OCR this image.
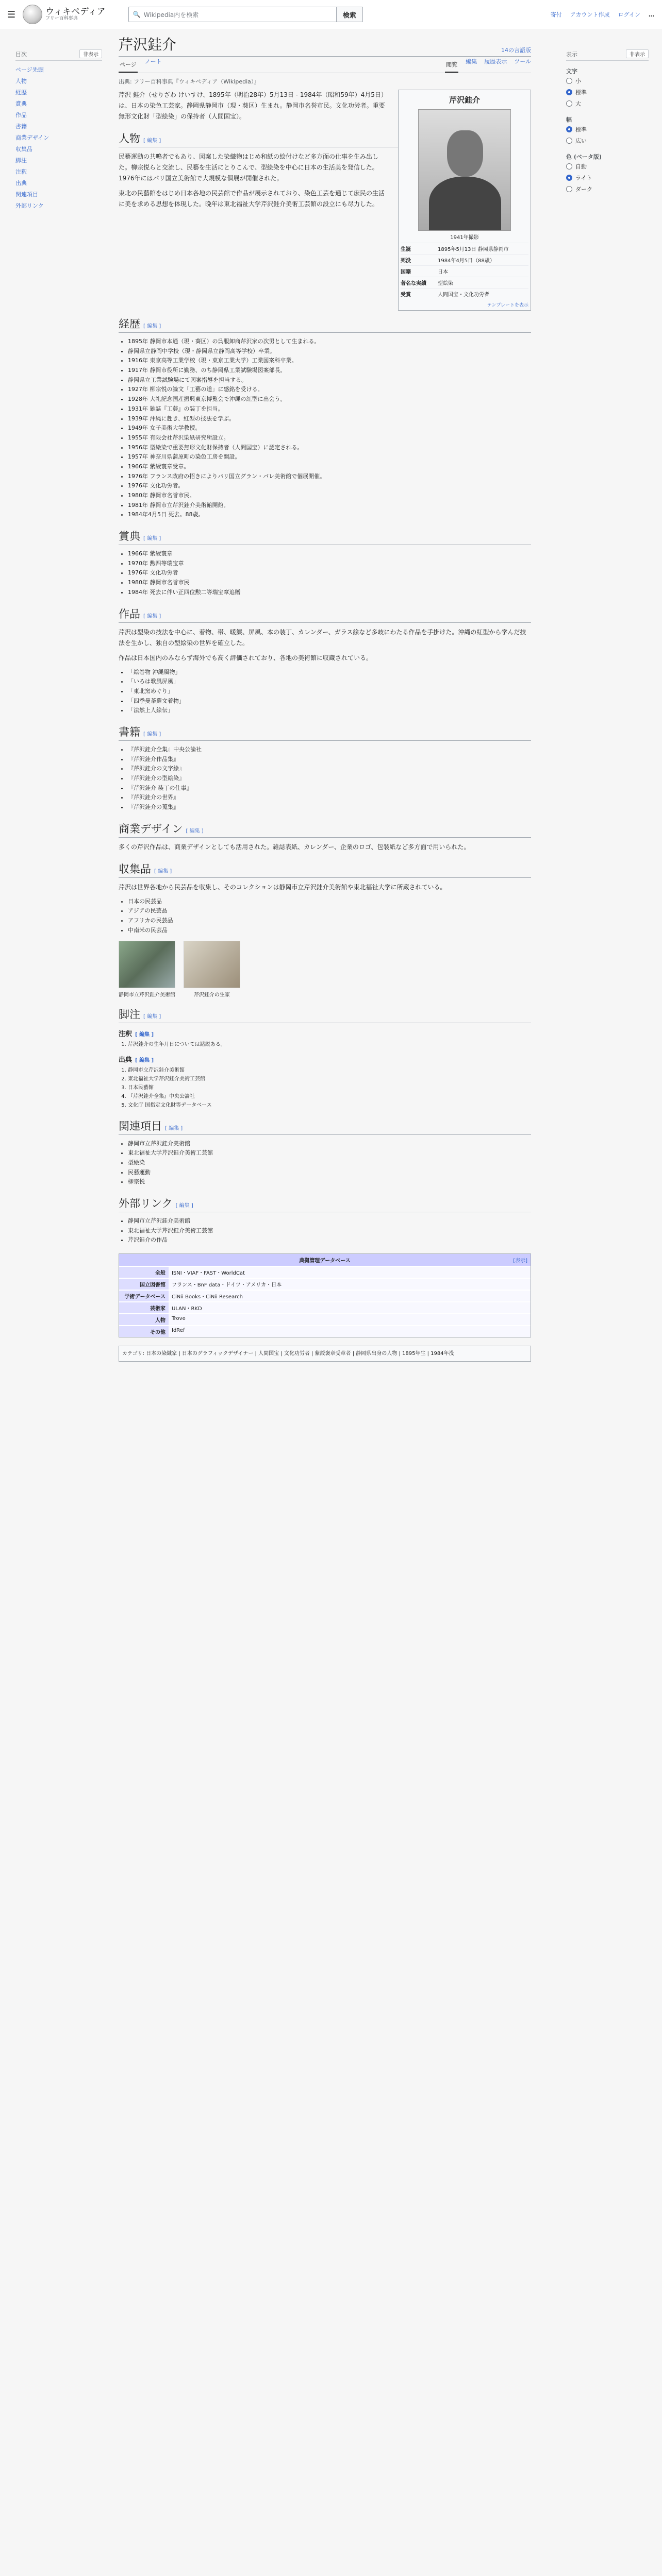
☰	ウィキペディア
フリー百科事典
🔍 Wikipedia内を検索	検索	寄付 アカウント作成 ログイン …
目次	非表示
ページ先頭
人物
経歴
賞典
作品
書籍
商業デザイン
収集品
脚注
注釈
出典
関連項目
外部リンク
芹沢銈介	14の言語版
ページ ノート	閲覧 編集 履歴表示 ツール
出典: フリー百科事典『ウィキペディア（Wikipedia）』
芹沢銈介
1941年撮影
生誕	1895年5月13日 静岡県静岡市
死没	1984年4月5日（88歳）
国籍	日本
著名な実績	型絵染
受賞	人間国宝・文化功労者
テンプレートを表示

芹沢 銈介（せりざわ けいすけ、1895年（明治28年）5月13日 - 1984年（昭和59年）4月5日）は、日本の染色工芸家。静岡県静岡市（現・葵区）生まれ。静岡市名誉市民。文化功労者。重要無形文化財「型絵染」の保持者（人間国宝）。

人物 [ 編集 ]

民藝運動の共鳴者でもあり、図案した染織物はじめ和紙の絵付けなど多方面の仕事を生み出した。柳宗悦らと交流し、民藝を生活にとりこんで、型絵染を中心に日本の生活美を発信した。1976年にはパリ国立美術館で大規模な個展が開催された。

東北の民藝館をはじめ日本各地の民芸館で作品が展示されており、染色工芸を通じて庶民の生活に美を求める思想を体現した。晩年は東北福祉大学芹沢銈介美術工芸館の設立にも尽力した。

経歴 [ 編集 ]
• 1895年 静岡市本通（現・葵区）の呉服卸商芹沢家の次男として生まれる。
• 静岡県立静岡中学校（現・静岡県立静岡高等学校）卒業。
• 1916年 東京高等工業学校（現・東京工業大学）工業図案科卒業。
• 1917年 静岡市役所に勤務、のち静岡県工業試験場図案部長。
• 静岡県立工業試験場にて図案指導を担当する。
• 1927年 柳宗悦の論文「工藝の道」に感銘を受ける。
• 1928年 大礼記念国産振興東京博覧会で沖縄の紅型に出会う。
• 1931年 雑誌『工藝』の装丁を担当。
• 1939年 沖縄に赴き、紅型の技法を学ぶ。
• 1949年 女子美術大学教授。
• 1955年 有限会社芹沢染紙研究所設立。
• 1956年 型絵染で重要無形文化財保持者（人間国宝）に認定される。
• 1957年 神奈川県蒲原町の染色工房を開設。
• 1966年 紫綬褒章受章。
• 1976年 フランス政府の招きによりパリ国立グラン・パレ美術館で個展開催。
• 1976年 文化功労者。
• 1980年 静岡市名誉市民。
• 1981年 静岡市立芹沢銈介美術館開館。
• 1984年4月5日 死去。88歳。
賞典 [ 編集 ]
• 1966年 紫綬褒章
• 1970年 勲四等瑞宝章
• 1976年 文化功労者
• 1980年 静岡市名誉市民
• 1984年 死去に伴い正四位勲二等瑞宝章追贈
作品 [ 編集 ]

芹沢は型染の技法を中心に、着物、帯、暖簾、屏風、本の装丁、カレンダー、ガラス絵など多岐にわたる作品を手掛けた。沖縄の紅型から学んだ技法を生かし、独自の型絵染の世界を確立した。

作品は日本国内のみならず海外でも高く評価されており、各地の美術館に収蔵されている。

• 「絵巻物 沖縄風物」
• 「いろは歌風屏風」
• 「東北窯めぐり」
• 「四季曼荼羅文着物」
• 「法然上人絵伝」
書籍 [ 編集 ]
• 『芹沢銈介全集』中央公論社
• 『芹沢銈介作品集』
• 『芹沢銈介の文字絵』
• 『芹沢銈介の型絵染』
• 『芹沢銈介 装丁の仕事』
• 『芹沢銈介の世界』
• 『芹沢銈介の蒐集』
商業デザイン [ 編集 ]

多くの芹沢作品は、商業デザインとしても活用された。雑誌表紙、カレンダー、企業のロゴ、包装紙など多方面で用いられた。

収集品 [ 編集 ]

芹沢は世界各地から民芸品を収集し、そのコレクションは静岡市立芹沢銈介美術館や東北福祉大学に所蔵されている。

• 日本の民芸品
• アジアの民芸品
• アフリカの民芸品
• 中南米の民芸品
静岡市立芹沢銈介美術館	芹沢銈介の生家
脚注 [ 編集 ]
注釈 [ 編集 ]
1. 芹沢銈介の生年月日については諸説ある。
出典 [ 編集 ]
1. 静岡市立芹沢銈介美術館
2. 東北福祉大学芹沢銈介美術工芸館
3. 日本民藝館
4. 『芹沢銈介全集』中央公論社
5. 文化庁 国指定文化財等データベース
関連項目 [ 編集 ]
• 静岡市立芹沢銈介美術館
• 東北福祉大学芹沢銈介美術工芸館
• 型絵染
• 民藝運動
• 柳宗悦
外部リンク [ 編集 ]
• 静岡市立芹沢銈介美術館
• 東北福祉大学芹沢銈介美術工芸館
• 芹沢銈介の作品
典拠管理データベース	[表示]
全般	ISNI・VIAF・FAST・WorldCat
国立図書館	フランス・BnF data・ドイツ・アメリカ・日本
学術データベース	CiNii Books・CiNii Research
芸術家	ULAN・RKD
人物	Trove
その他	IdRef
カテゴリ: 日本の染織家 | 日本のグラフィックデザイナー | 人間国宝 | 文化功労者 | 紫綬褒章受章者 | 静岡県出身の人物 | 1895年生 | 1984年没
表示	非表示
文字
小
標準
大
幅
標準
広い
色 (ベータ版)
自動
ライト
ダーク
